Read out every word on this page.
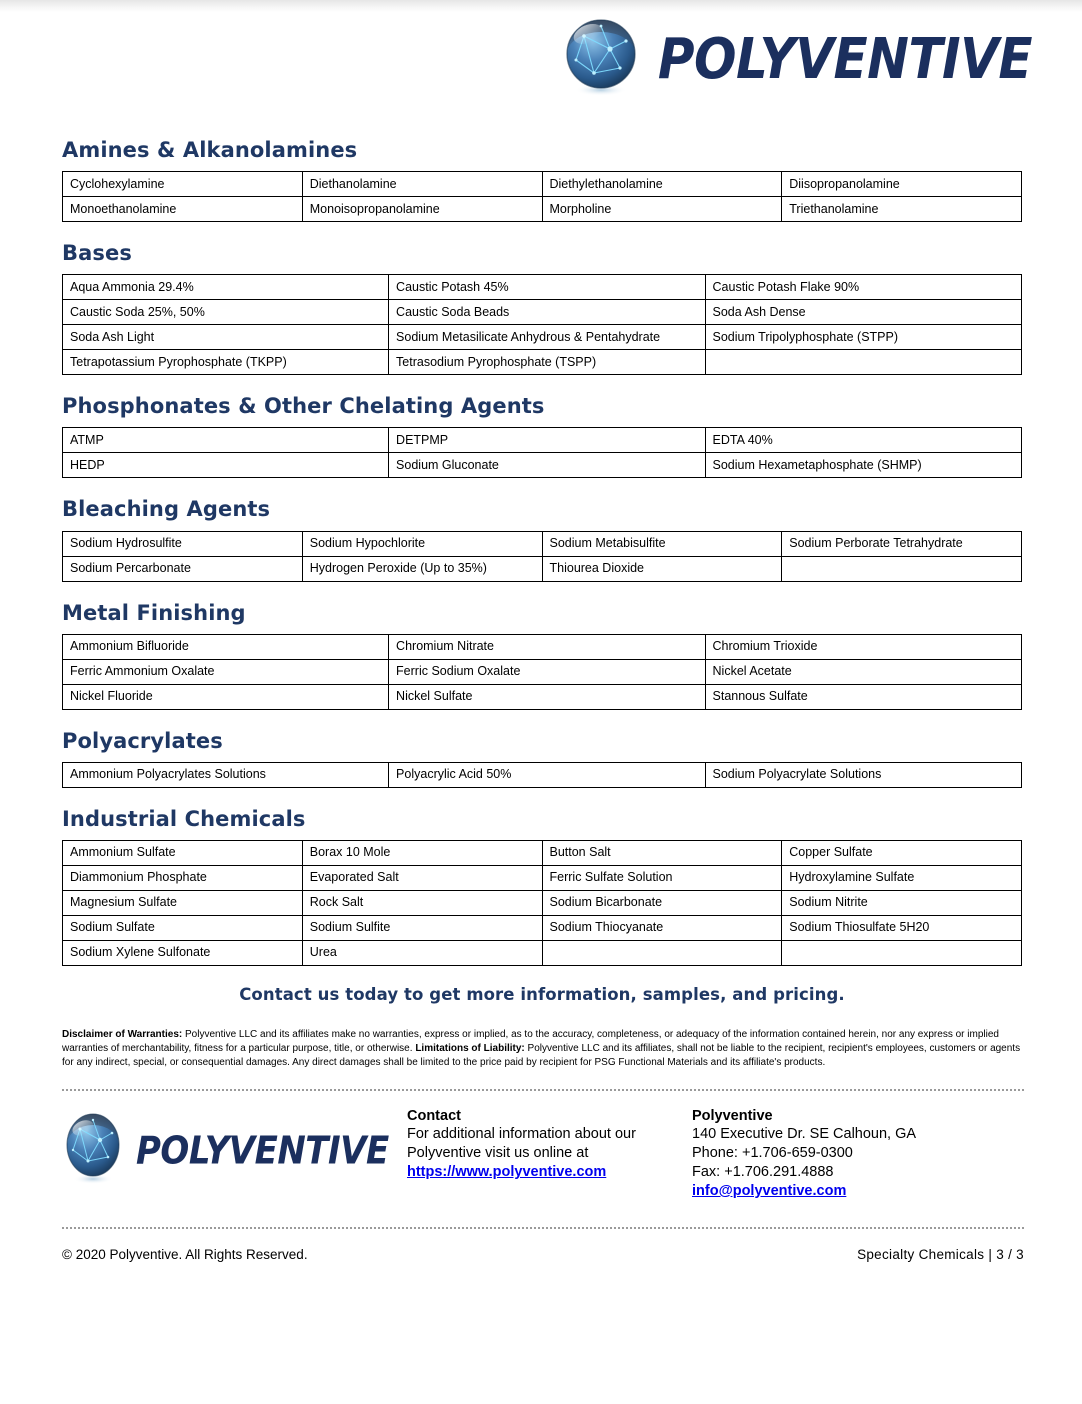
POLYVENTIVE
Amines & Alkanolamines
Cyclohexylamine	Diethanolamine	Diethylethanolamine	Diisopropanolamine
Monoethanolamine	Monoisopropanolamine	Morpholine	Triethanolamine
Bases
Aqua Ammonia 29.4%	Caustic Potash 45%	Caustic Potash Flake 90%
Caustic Soda 25%, 50%	Caustic Soda Beads	Soda Ash Dense
Soda Ash Light	Sodium Metasilicate Anhydrous & Pentahydrate	Sodium Tripolyphosphate (STPP)
Tetrapotassium Pyrophosphate (TKPP)	Tetrasodium Pyrophosphate (TSPP)	
Phosphonates & Other Chelating Agents
ATMP	DETPMP	EDTA 40%
HEDP	Sodium Gluconate	Sodium Hexametaphosphate (SHMP)
Bleaching Agents
Sodium Hydrosulfite	Sodium Hypochlorite	Sodium Metabisulfite	Sodium Perborate Tetrahydrate
Sodium Percarbonate	Hydrogen Peroxide (Up to 35%)	Thiourea Dioxide	
Metal Finishing
Ammonium Bifluoride	Chromium Nitrate	Chromium Trioxide
Ferric Ammonium Oxalate	Ferric Sodium Oxalate	Nickel Acetate
Nickel Fluoride	Nickel Sulfate	Stannous Sulfate
Polyacrylates
Ammonium Polyacrylates Solutions	Polyacrylic Acid 50%	Sodium Polyacrylate Solutions
Industrial Chemicals
Ammonium Sulfate	Borax 10 Mole	Button Salt	Copper Sulfate
Diammonium Phosphate	Evaporated Salt	Ferric Sulfate Solution	Hydroxylamine Sulfate
Magnesium Sulfate	Rock Salt	Sodium Bicarbonate	Sodium Nitrite
Sodium Sulfate	Sodium Sulfite	Sodium Thiocyanate	Sodium Thiosulfate 5H20
Sodium Xylene Sulfonate	Urea		
Contact us today to get more information, samples, and pricing.
Disclaimer of Warranties: Polyventive LLC and its affiliates make no warranties, express or implied, as to the accuracy, completeness, or adequacy of the information contained herein, nor any express or implied warranties of merchantability, fitness for a particular purpose, title, or otherwise. Limitations of Liability: Polyventive LLC and its affiliates, shall not be liable to the recipient, recipient's employees, customers or agents for any indirect, special, or consequential damages. Any direct damages shall be limited to the price paid by recipient for PSG Functional Materials and its affiliate's products.
POLYVENTIVE
Contact
For additional information about our
Polyventive visit us online at
https://www.polyventive.com
Polyventive
140 Executive Dr. SE Calhoun, GA
Phone: +1.706-659-0300
Fax: +1.706.291.4888
info@polyventive.com
© 2020 Polyventive. All Rights Reserved.	Specialty Chemicals | 3 / 3
